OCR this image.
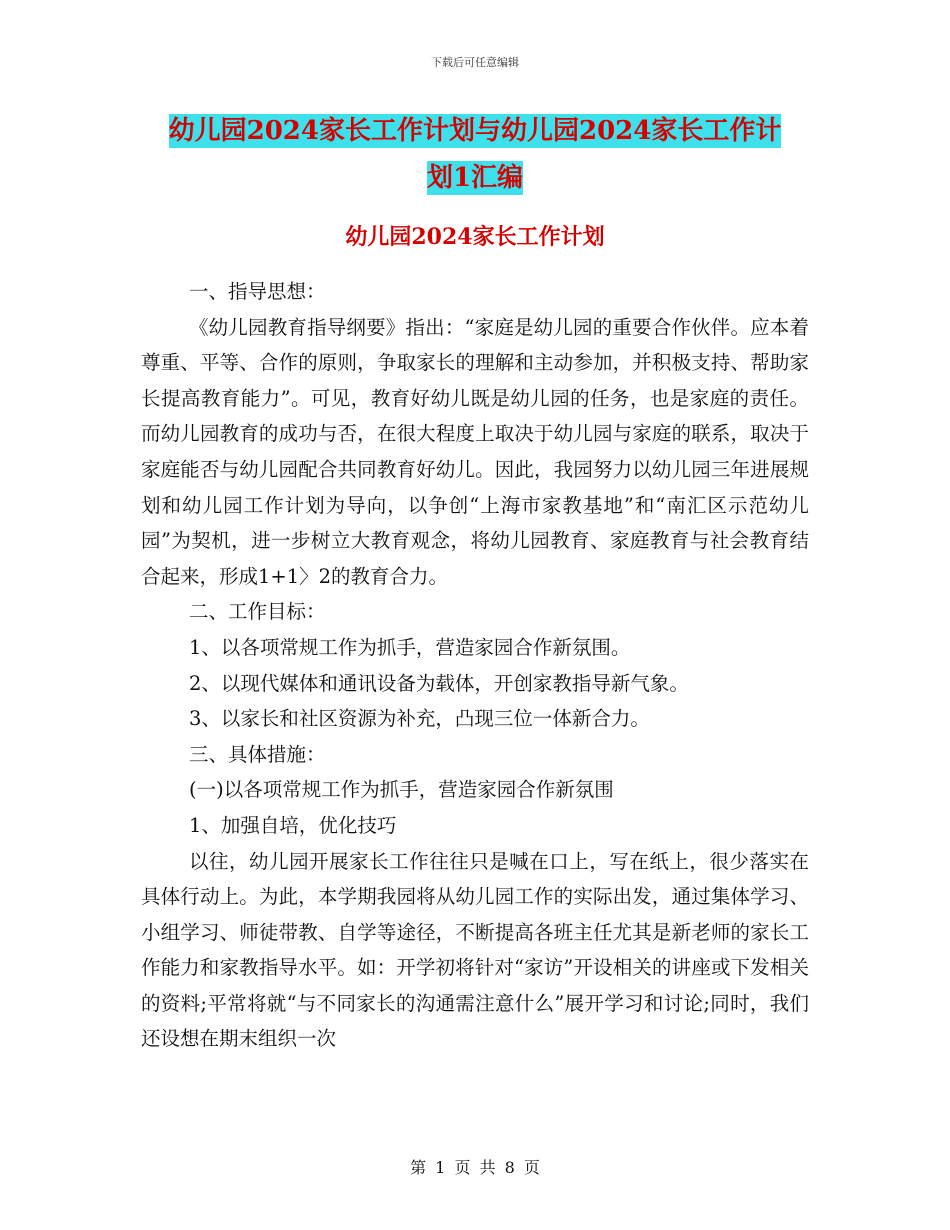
下载后可任意编辑
幼儿园2024家长工作计划与幼儿园2024家长工作计
划1汇编
幼儿园2024家长工作计划

一、指导思想：

《幼儿园教育指导纲要》指出：“家庭是幼儿园的重要合作伙伴。应本着尊重、平等、合作的原则，争取家长的理解和主动参加，并积极支持、帮助家长提高教育能力”。可见，教育好幼儿既是幼儿园的任务，也是家庭的责任。而幼儿园教育的成功与否，在很大程度上取决于幼儿园与家庭的联系，取决于家庭能否与幼儿园配合共同教育好幼儿。因此，我园努力以幼儿园三年进展规划和幼儿园工作计划为导向，以争创“上海市家教基地”和“南汇区示范幼儿园”为契机，进一步树立大教育观念，将幼儿园教育、家庭教育与社会教育结合起来，形成1+1〉2的教育合力。

二、工作目标：

1、以各项常规工作为抓手，营造家园合作新氛围。

2、以现代媒体和通讯设备为载体，开创家教指导新气象。

3、以家长和社区资源为补充，凸现三位一体新合力。

三、具体措施：

(一)以各项常规工作为抓手，营造家园合作新氛围

1、加强自培，优化技巧

以往，幼儿园开展家长工作往往只是喊在口上，写在纸上，很少落实在具体行动上。为此，本学期我园将从幼儿园工作的实际出发，通过集体学习、小组学习、师徒带教、自学等途径，不断提高各班主任尤其是新老师的家长工作能力和家教指导水平。如：开学初将针对“家访”开设相关的讲座或下发相关的资料;平常将就“与不同家长的沟通需注意什么”展开学习和讨论;同时，我们还设想在期末组织一次

第 1 页 共 8 页
